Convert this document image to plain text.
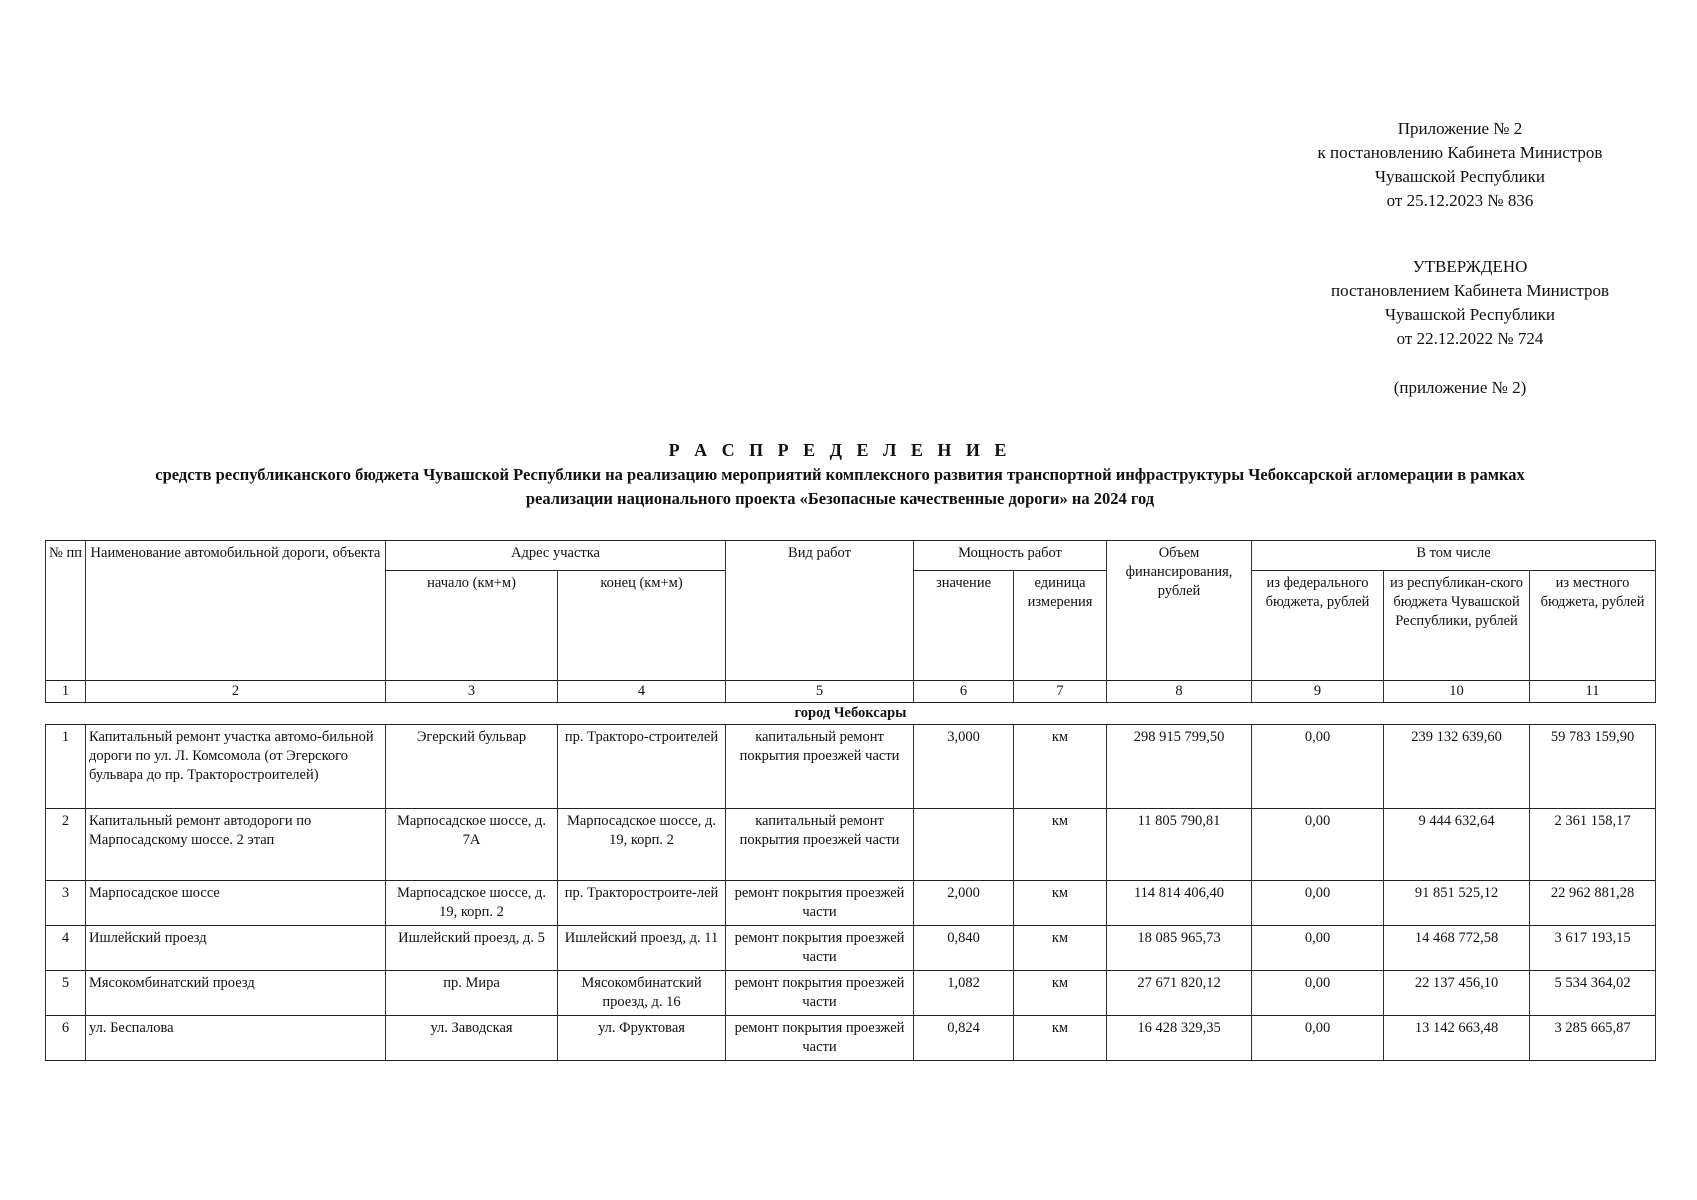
Приложение № 2
к постановлению Кабинета Министров
Чувашской Республики
от 25.12.2023 № 836
УТВЕРЖДЕНО
постановлением Кабинета Министров
Чувашской Республики
от 22.12.2022 № 724
(приложение № 2)
Р А С П Р Е Д Е Л Е Н И Е
средств республиканского бюджета Чувашской Республики на реализацию мероприятий комплексного развития транспортной инфраструктуры Чебоксарской агломерации в рамках
реализации национального проекта «Безопасные качественные дороги» на 2024 год
№ пп	Наименование автомобильной дороги, объекта	Адрес участка		Вид работ	Мощность работ		Объем финансирования, рублей	В том числе		
		начало (км+м)	конец (км+м)		значение	единица измерения		из федерального бюджета, рублей	из республикан-ского бюджета Чувашской Республики, рублей	из местного бюджета, рублей
1	2	3	4	5	6	7	8	9	10	11
город Чебоксары										
1	Капитальный ремонт участка автомо-бильной дороги по ул. Л. Комсомола (от Эгерского бульвара до пр. Тракторостроителей)	Эгерский бульвар	пр. Тракторо-строителей	капитальный ремонт покрытия проезжей части	3,000	км	298 915 799,50	0,00	239 132 639,60	59 783 159,90
2	Капитальный ремонт автодороги по Марпосадскому шоссе. 2 этап	Марпосадское шоссе, д. 7А	Марпосадское шоссе, д. 19, корп. 2	капитальный ремонт покрытия проезжей части		км	11 805 790,81	0,00	9 444 632,64	2 361 158,17
3	Марпосадское шоссе	Марпосадское шоссе, д. 19, корп. 2	пр. Тракторостроите-лей	ремонт покрытия проезжей части	2,000	км	114 814 406,40	0,00	91 851 525,12	22 962 881,28
4	Ишлейский проезд	Ишлейский проезд, д. 5	Ишлейский проезд, д. 11	ремонт покрытия проезжей части	0,840	км	18 085 965,73	0,00	14 468 772,58	3 617 193,15
5	Мясокомбинатский проезд	пр. Мира	Мясокомбинатский проезд, д. 16	ремонт покрытия проезжей части	1,082	км	27 671 820,12	0,00	22 137 456,10	5 534 364,02
6	ул. Беспалова	ул. Заводская	ул. Фруктовая	ремонт покрытия проезжей части	0,824	км	16 428 329,35	0,00	13 142 663,48	3 285 665,87
